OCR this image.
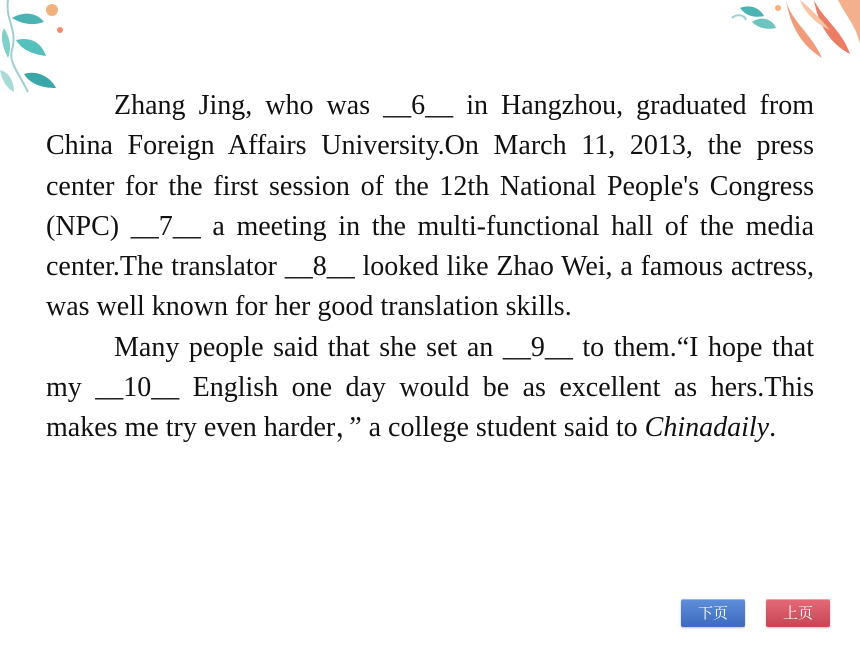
Zhang Jing, who was __6__ in Hangzhou, graduated from China Foreign Affairs University.On March 11, 2013, the press center for the first session of the 12th National People's Congress (NPC) __7__ a meeting in the multi-functional hall of the media center.The translator __8__ looked like Zhao Wei, a famous actress, was well known for her good translation skills.

Many people said that she set an __9__ to them.“I hope that my __10__ English one day would be as excellent as hers.This makes me try even harder，” a college student said to Chinadaily.

下页	上页
